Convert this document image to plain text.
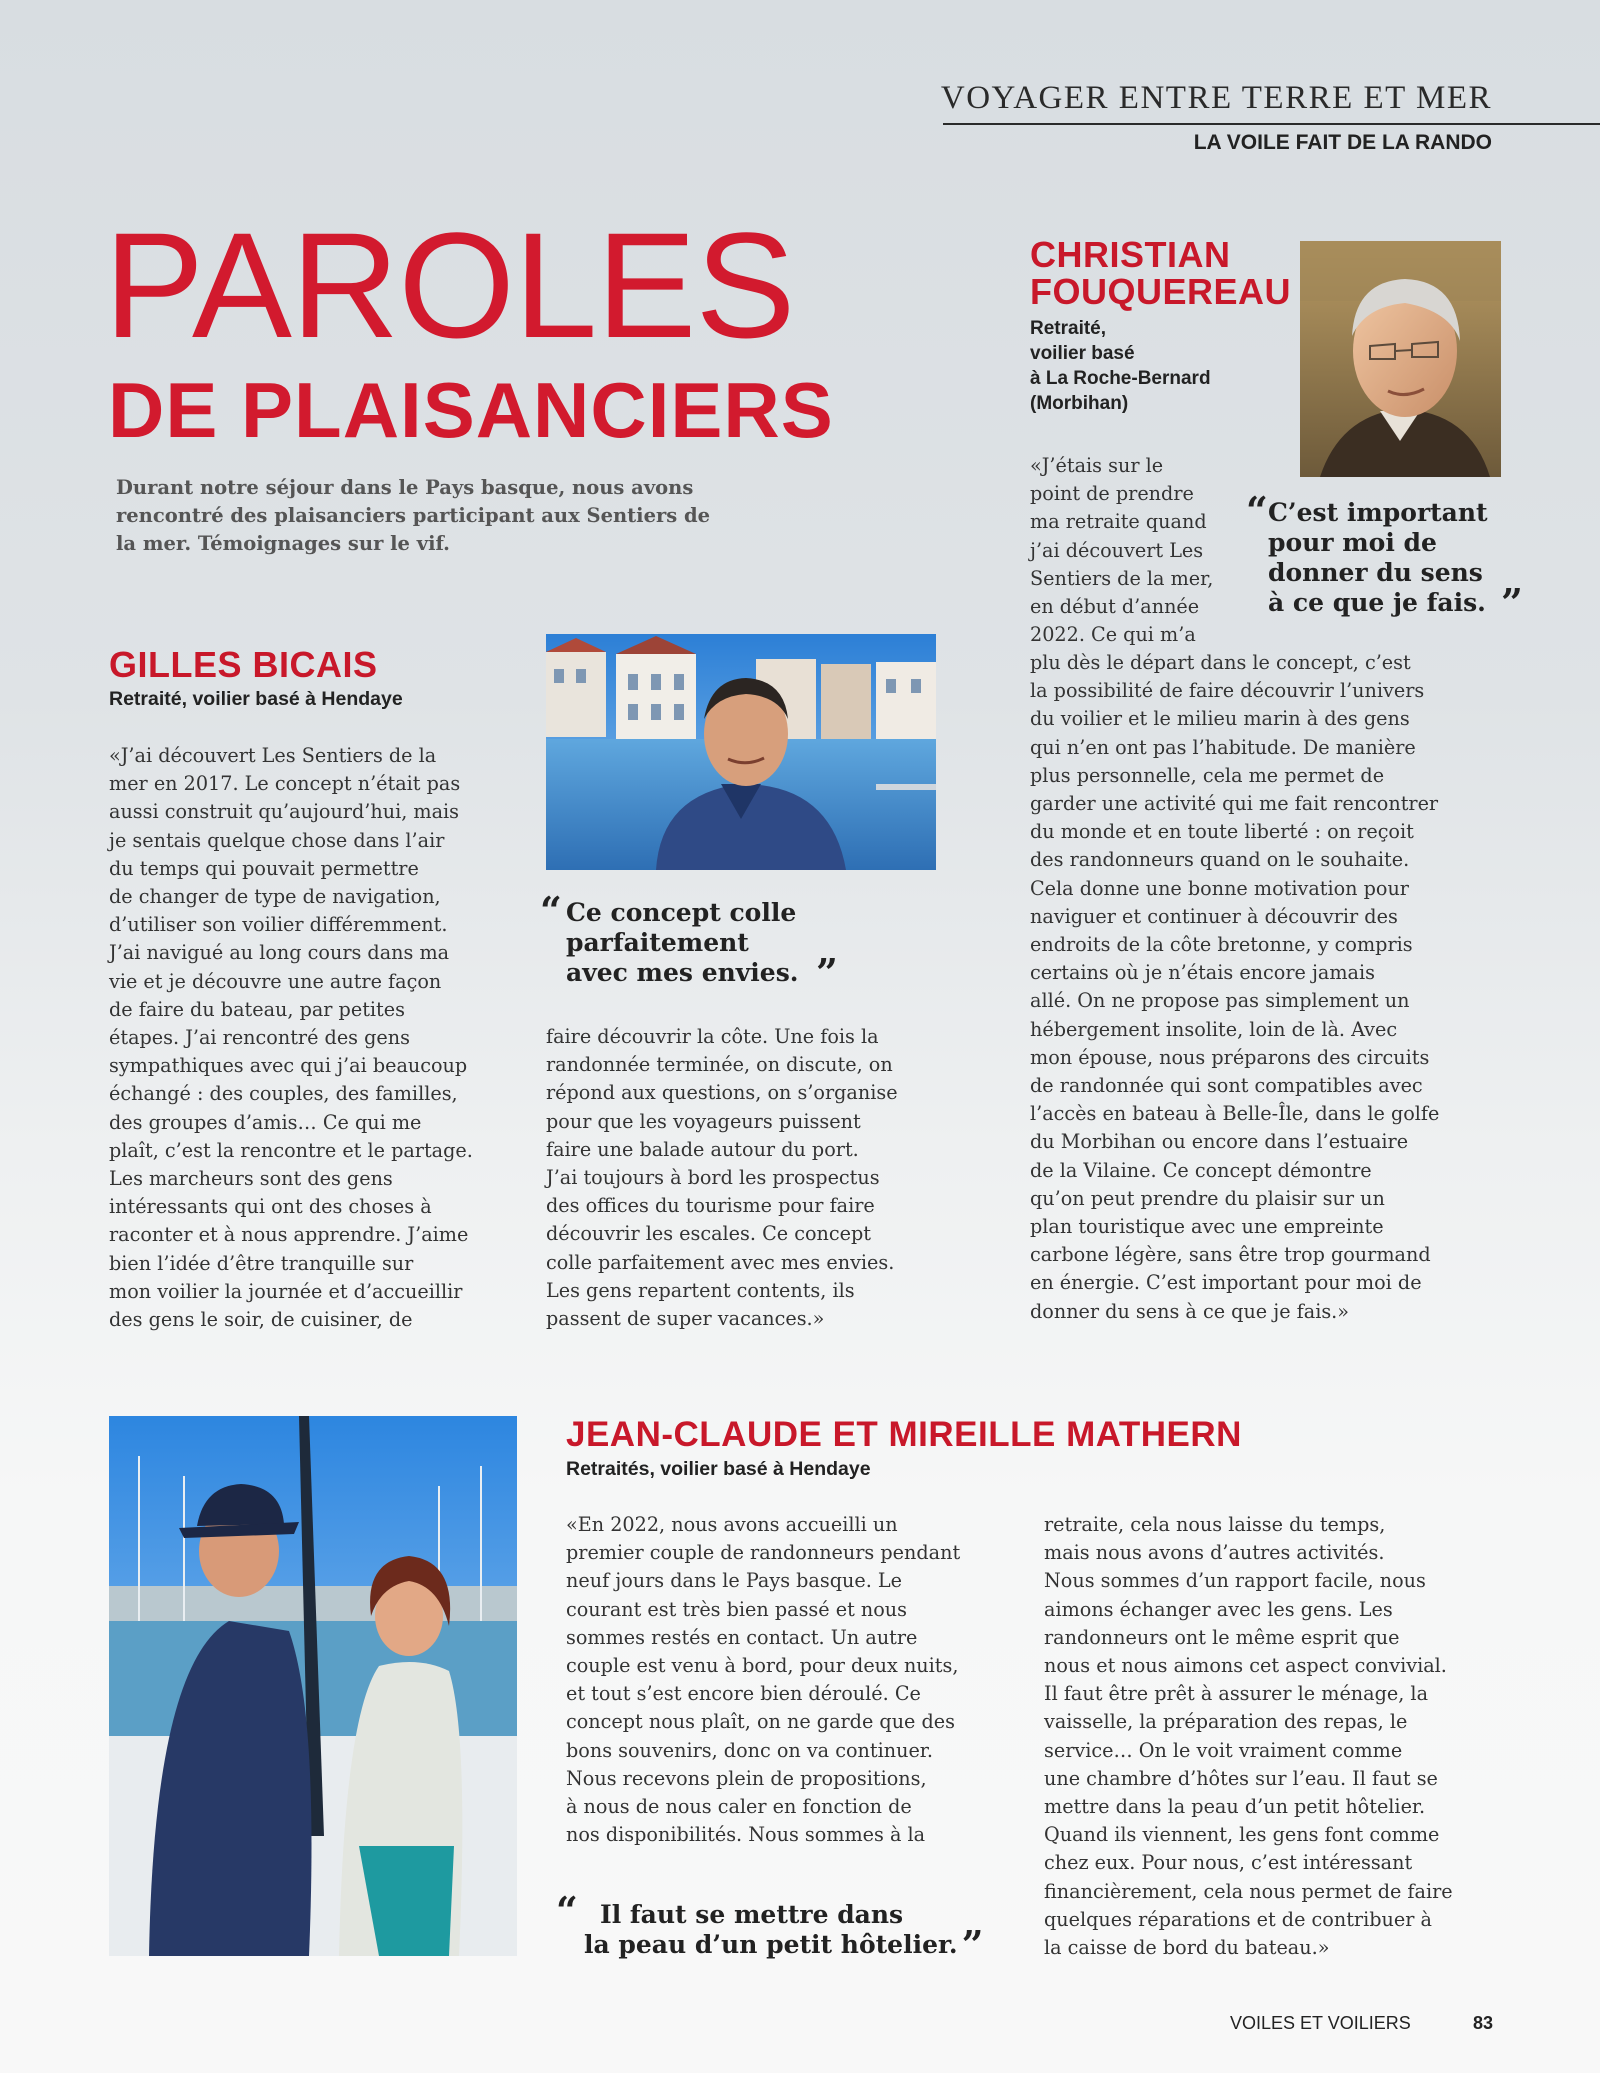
VOYAGER ENTRE TERRE ET MER
LA VOILE FAIT DE LA RANDO
PAROLES
DE PLAISANCIERS
Durant notre séjour dans le Pays basque, nous avons rencontré des plaisanciers participant aux Sentiers de la mer. Témoignages sur le vif.
CHRISTIAN
FOUQUEREAU
Retraité,
voilier basé
à La Roche-Bernard
(Morbihan)
«J’étais sur le
point de prendre
ma retraite quand
j’ai découvert Les
Sentiers de la mer,
en début d’année
2022. Ce qui m’a
“ C’est important
pour moi de
donner du sens
à ce que je fais. ”
plu dès le départ dans le concept, c’est
la possibilité de faire découvrir l’univers
du voilier et le milieu marin à des gens
qui n’en ont pas l’habitude. De manière
plus personnelle, cela me permet de
garder une activité qui me fait rencontrer
du monde et en toute liberté : on reçoit
des randonneurs quand on le souhaite.
Cela donne une bonne motivation pour
naviguer et continuer à découvrir des
endroits de la côte bretonne, y compris
certains où je n’étais encore jamais
allé. On ne propose pas simplement un
hébergement insolite, loin de là. Avec
mon épouse, nous préparons des circuits
de randonnée qui sont compatibles avec
l’accès en bateau à Belle-Île, dans le golfe
du Morbihan ou encore dans l’estuaire
de la Vilaine. Ce concept démontre
qu’on peut prendre du plaisir sur un
plan touristique avec une empreinte
carbone légère, sans être trop gourmand
en énergie. C’est important pour moi de
donner du sens à ce que je fais.»
GILLES BICAIS
Retraité, voilier basé à Hendaye
“ Ce concept colle
parfaitement
avec mes envies. ”
«J’ai découvert Les Sentiers de la
mer en 2017. Le concept n’était pas
aussi construit qu’aujourd’hui, mais
je sentais quelque chose dans l’air
du temps qui pouvait permettre
de changer de type de navigation,
d’utiliser son voilier différemment.
J’ai navigué au long cours dans ma
vie et je découvre une autre façon
de faire du bateau, par petites
étapes. J’ai rencontré des gens
sympathiques avec qui j’ai beaucoup
échangé : des couples, des familles,
des groupes d’amis… Ce qui me
plaît, c’est la rencontre et le partage.
Les marcheurs sont des gens
intéressants qui ont des choses à
raconter et à nous apprendre. J’aime
bien l’idée d’être tranquille sur
mon voilier la journée et d’accueillir
des gens le soir, de cuisiner, de
faire découvrir la côte. Une fois la
randonnée terminée, on discute, on
répond aux questions, on s’organise
pour que les voyageurs puissent
faire une balade autour du port.
J’ai toujours à bord les prospectus
des offices du tourisme pour faire
découvrir les escales. Ce concept
colle parfaitement avec mes envies.
Les gens repartent contents, ils
passent de super vacances.»
JEAN-CLAUDE ET MIREILLE MATHERN
Retraités, voilier basé à Hendaye
«En 2022, nous avons accueilli un
premier couple de randonneurs pendant
neuf jours dans le Pays basque. Le
courant est très bien passé et nous
sommes restés en contact. Un autre
couple est venu à bord, pour deux nuits,
et tout s’est encore bien déroulé. Ce
concept nous plaît, on ne garde que des
bons souvenirs, donc on va continuer.
Nous recevons plein de propositions,
à nous de nous caler en fonction de
nos disponibilités. Nous sommes à la
“ Il faut se mettre dans
la peau d’un petit hôtelier. ”
retraite, cela nous laisse du temps,
mais nous avons d’autres activités.
Nous sommes d’un rapport facile, nous
aimons échanger avec les gens. Les
randonneurs ont le même esprit que
nous et nous aimons cet aspect convivial.
Il faut être prêt à assurer le ménage, la
vaisselle, la préparation des repas, le
service… On le voit vraiment comme
une chambre d’hôtes sur l’eau. Il faut se
mettre dans la peau d’un petit hôtelier.
Quand ils viennent, les gens font comme
chez eux. Pour nous, c’est intéressant
financièrement, cela nous permet de faire
quelques réparations et de contribuer à
la caisse de bord du bateau.»
VOILES ET VOILIERS	83
